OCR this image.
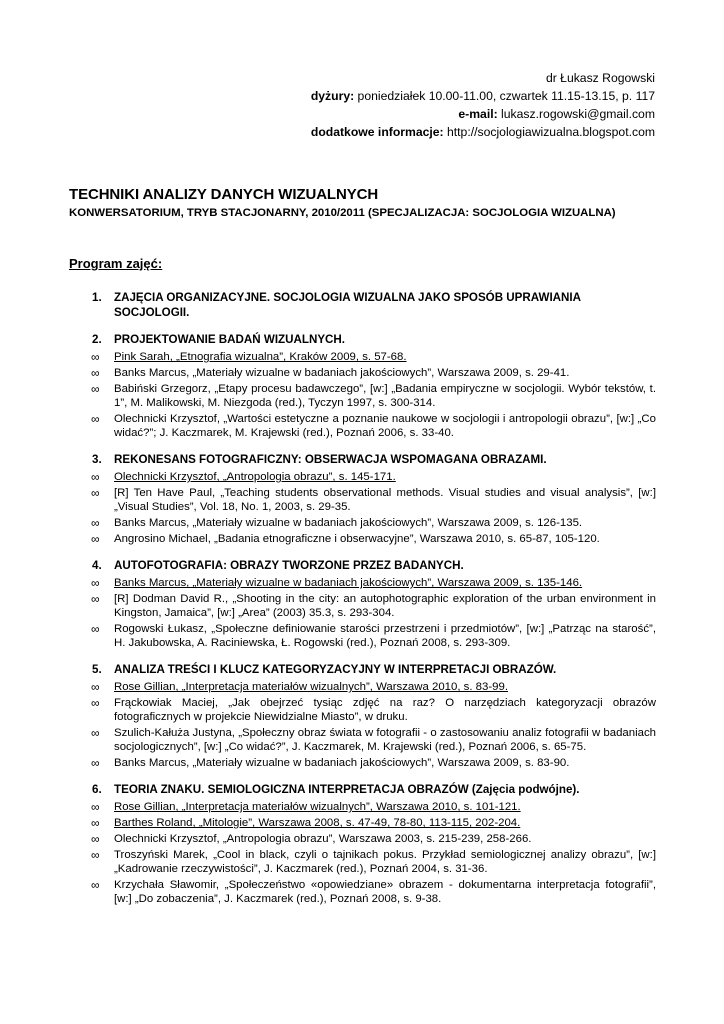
dr Łukasz Rogowski
dyżury: poniedziałek 10.00-11.00, czwartek 11.15-13.15, p. 117
e-mail: lukasz.rogowski@gmail.com
dodatkowe informacje: http://socjologiawizualna.blogspot.com
TECHNIKI ANALIZY DANYCH WIZUALNYCH
KONWERSATORIUM, TRYB STACJONARNY, 2010/2011 (SPECJALIZACJA: SOCJOLOGIA WIZUALNA)
Program zajęć:
1.	ZAJĘCIA ORGANIZACYJNE. SOCJOLOGIA WIZUALNA JAKO SPOSÓB UPRAWIANIA SOCJOLOGII.
2.	PROJEKTOWANIE BADAŃ WIZUALNYCH.
∞	Pink Sarah, „Etnografia wizualna”, Kraków 2009, s. 57-68.
∞	Banks Marcus, „Materiały wizualne w badaniach jakościowych”, Warszawa 2009, s. 29-41.
∞	Babiński Grzegorz, „Etapy procesu badawczego”, [w:] „Badania empiryczne w socjologii. Wybór tekstów, t. 1”, M. Malikowski, M. Niezgoda (red.), Tyczyn 1997, s. 300-314.
∞	Olechnicki Krzysztof, „Wartości estetyczne a poznanie naukowe w socjologii i antropologii obrazu”, [w:] „Co widać?”; J. Kaczmarek, M. Krajewski (red.), Poznań 2006, s. 33-40.
3.	REKONESANS FOTOGRAFICZNY: OBSERWACJA WSPOMAGANA OBRAZAMI.
∞	Olechnicki Krzysztof, „Antropologia obrazu”, s. 145-171.
∞	[R] Ten Have Paul, „Teaching students observational methods. Visual studies and visual analysis”, [w:] „Visual Studies”, Vol. 18, No. 1, 2003, s. 29-35.
∞	Banks Marcus, „Materiały wizualne w badaniach jakościowych”, Warszawa 2009, s. 126-135.
∞	Angrosino Michael, „Badania etnograficzne i obserwacyjne”, Warszawa 2010, s. 65-87, 105-120.
4.	AUTOFOTOGRAFIA: OBRAZY TWORZONE PRZEZ BADANYCH.
∞	Banks Marcus, „Materiały wizualne w badaniach jakościowych”, Warszawa 2009, s. 135-146.
∞	[R] Dodman David R., „Shooting in the city: an autophotographic exploration of the urban environment in Kingston, Jamaica”, [w:] „Area” (2003) 35.3, s. 293-304.
∞	Rogowski Łukasz, „Społeczne definiowanie starości przestrzeni i przedmiotów”, [w:] „Patrząc na starość”, H. Jakubowska, A. Raciniewska, Ł. Rogowski (red.), Poznań 2008, s. 293-309.
5.	ANALIZA TREŚCI I KLUCZ KATEGORYZACYJNY W INTERPRETACJI OBRAZÓW.
∞	Rose Gillian, „Interpretacja materiałów wizualnych”, Warszawa 2010, s. 83-99.
∞	Frąckowiak Maciej, „Jak obejrzeć tysiąc zdjęć na raz? O narzędziach kategoryzacji obrazów fotograficznych w projekcie Niewidzialne Miasto”, w druku.
∞	Szulich-Kałuża Justyna, „Społeczny obraz świata w fotografii - o zastosowaniu analiz fotografii w badaniach socjologicznych”, [w:] „Co widać?”, J. Kaczmarek, M. Krajewski (red.), Poznań 2006, s. 65-75.
∞	Banks Marcus, „Materiały wizualne w badaniach jakościowych”, Warszawa 2009, s. 83-90.
6.	TEORIA ZNAKU. SEMIOLOGICZNA INTERPRETACJA OBRAZÓW (Zajęcia podwójne).
∞	Rose Gillian, „Interpretacja materiałów wizualnych”, Warszawa 2010, s. 101-121.
∞	Barthes Roland, „Mitologie”, Warszawa 2008, s. 47-49, 78-80, 113-115, 202-204.
∞	Olechnicki Krzysztof, „Antropologia obrazu”, Warszawa 2003, s. 215-239, 258-266.
∞	Troszyński Marek, „Cool in black, czyli o tajnikach pokus. Przykład semiologicznej analizy obrazu”, [w:] „Kadrowanie rzeczywistości”, J. Kaczmarek (red.), Poznań 2004, s. 31-36.
∞	Krzychała Sławomir, „Społeczeństwo «opowiedziane» obrazem - dokumentarna interpretacja fotografii”, [w:] „Do zobaczenia”, J. Kaczmarek (red.), Poznań 2008, s. 9-38.
